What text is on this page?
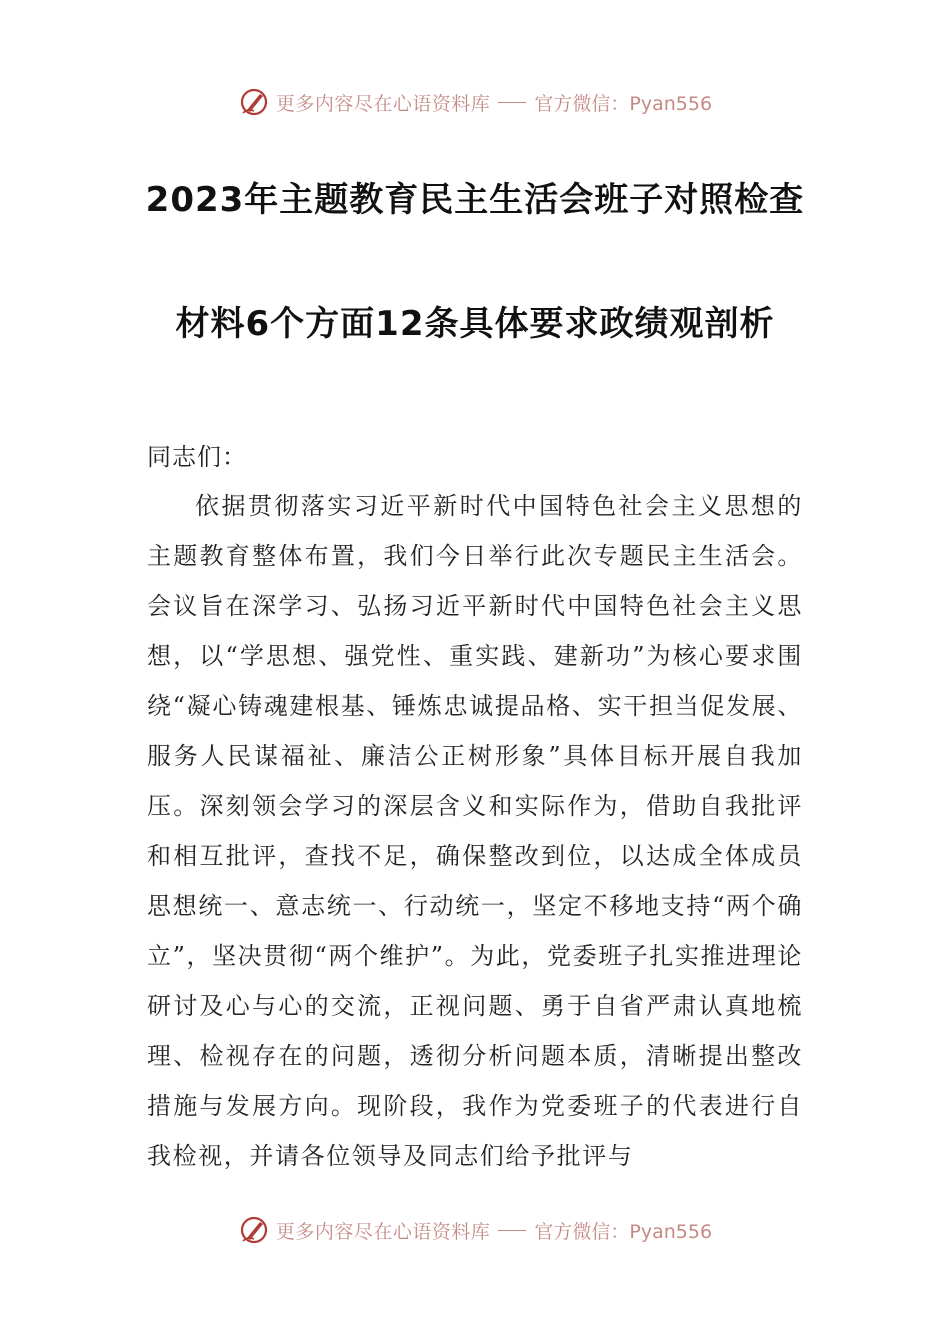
更多内容尽在心语资料库 官方微信：Pyan556
2023年主题教育民主生活会班子对照检查
材料6个方面12条具体要求政绩观剖析
同志们：

依据贯彻落实习近平新时代中国特色社会主义思想的主题教育整体布置，我们今日举行此次专题民主生活会。会议旨在深学习、弘扬习近平新时代中国特色社会主义思想，以“学思想、强党性、重实践、建新功”为核心要求围绕“凝心铸魂建根基、锤炼忠诚提品格、实干担当促发展、服务人民谋福祉、廉洁公正树形象”具体目标开展自我加压。深刻领会学习的深层含义和实际作为，借助自我批评和相互批评，查找不足，确保整改到位，以达成全体成员思想统一、意志统一、行动统一，坚定不移地支持“两个确立”，坚决贯彻“两个维护”。为此，党委班子扎实推进理论研讨及心与心的交流，正视问题、勇于自省严肃认真地梳理、检视存在的问题，透彻分析问题本质，清晰提出整改措施与发展方向。现阶段，我作为党委班子的代表进行自我检视，并请各位领导及同志们给予批评与

更多内容尽在心语资料库 官方微信：Pyan556
